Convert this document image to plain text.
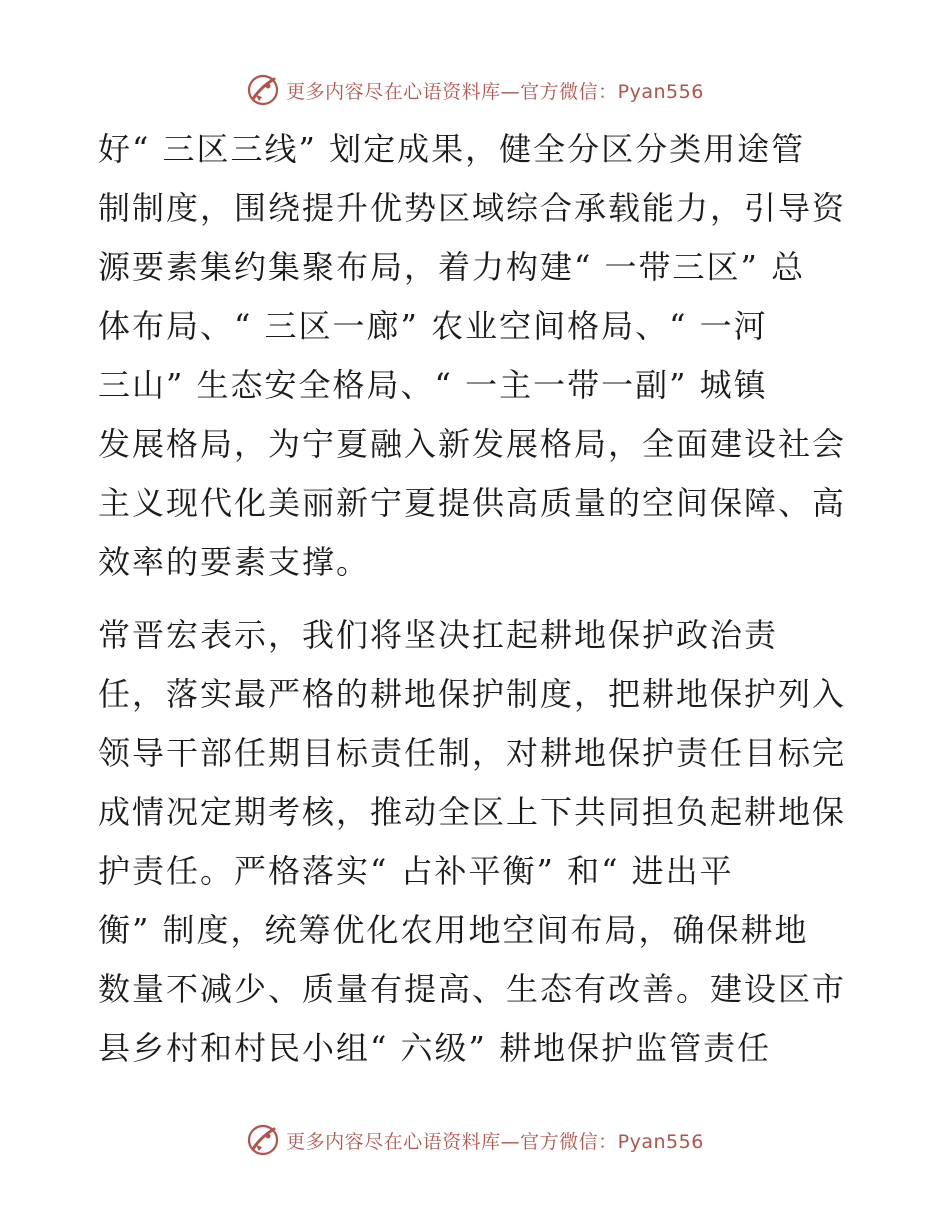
更多内容尽在心语资料库—官方微信：Pyan556
好“ 三区三线” 划定成果，健全分区分类用途管
制制度，围绕提升优势区域综合承载能力，引导资
源要素集约集聚布局，着力构建“ 一带三区” 总
体布局、“ 三区一廊” 农业空间格局、“ 一河
三山” 生态安全格局、“ 一主一带一副” 城镇
发展格局，为宁夏融入新发展格局，全面建设社会
主义现代化美丽新宁夏提供高质量的空间保障、高
效率的要素支撑。
常晋宏表示，我们将坚决扛起耕地保护政治责
任，落实最严格的耕地保护制度，把耕地保护列入
领导干部任期目标责任制，对耕地保护责任目标完
成情况定期考核，推动全区上下共同担负起耕地保
护责任。严格落实“ 占补平衡” 和“ 进出平
衡” 制度，统筹优化农用地空间布局，确保耕地
数量不减少、质量有提高、生态有改善。建设区市
县乡村和村民小组“ 六级” 耕地保护监管责任
更多内容尽在心语资料库—官方微信：Pyan556
